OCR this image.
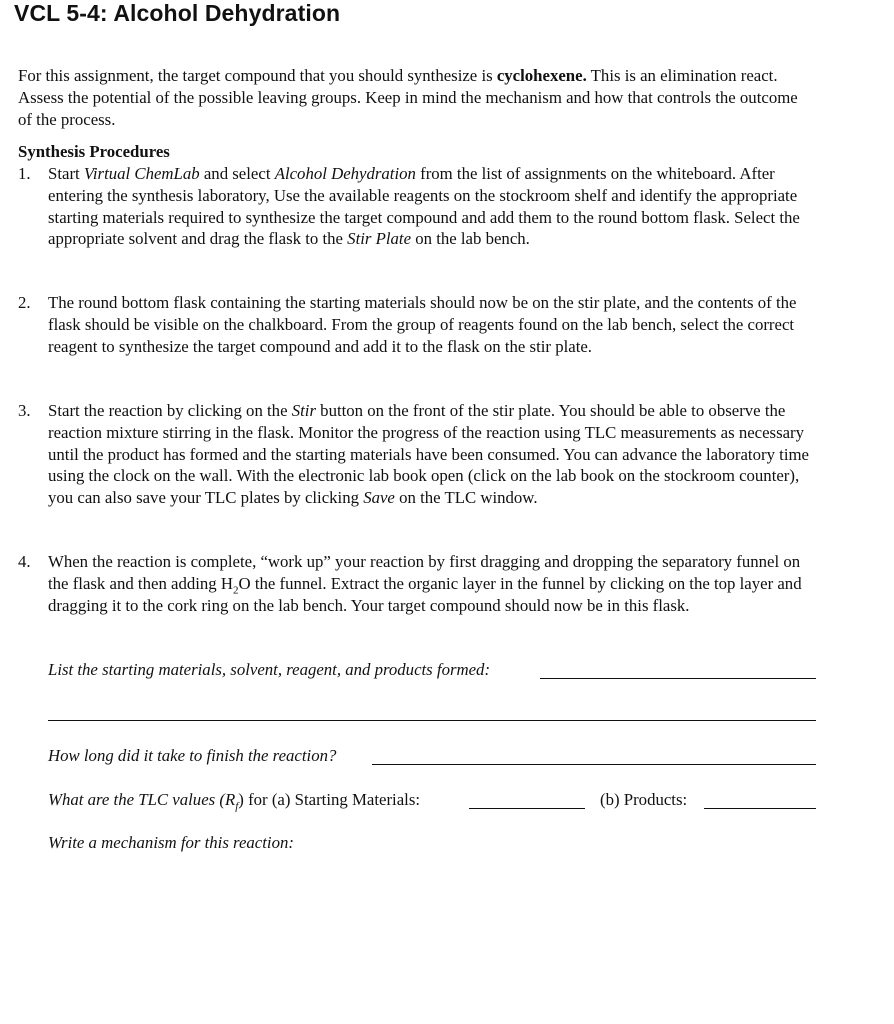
VCL 5-4: Alcohol Dehydration

For this assignment, the target compound that you should synthesize is cyclohexene. This is an elimination react. Assess the potential of the possible leaving groups. Keep in mind the mechanism and how that controls the outcome of the process.

Synthesis Procedures
1. Start Virtual ChemLab and select Alcohol Dehydration from the list of assignments on the whiteboard. After entering the synthesis laboratory, Use the available reagents on the stockroom shelf and identify the appropriate starting materials required to synthesize the target compound and add them to the round bottom flask. Select the appropriate solvent and drag the flask to the Stir Plate on the lab bench.
2. The round bottom flask containing the starting materials should now be on the stir plate, and the contents of the flask should be visible on the chalkboard. From the group of reagents found on the lab bench, select the correct reagent to synthesize the target compound and add it to the flask on the stir plate.
3. Start the reaction by clicking on the Stir button on the front of the stir plate. You should be able to observe the reaction mixture stirring in the flask. Monitor the progress of the reaction using TLC measurements as necessary until the product has formed and the starting materials have been consumed. You can advance the laboratory time using the clock on the wall. With the electronic lab book open (click on the lab book on the stockroom counter), you can also save your TLC plates by clicking Save on the TLC window.
4. When the reaction is complete, “work up” your reaction by first dragging and dropping the separatory funnel on the flask and then adding $H_2O$ the funnel. Extract the organic layer in the funnel by clicking on the top layer and dragging it to the cork ring on the lab bench. Your target compound should now be in this flask.
List the starting materials, solvent, reagent, and products formed:
How long did it take to finish the reaction?
What are the TLC values $(R_f)$ for (a) Starting Materials:	(b) Products:
Write a mechanism for this reaction:
